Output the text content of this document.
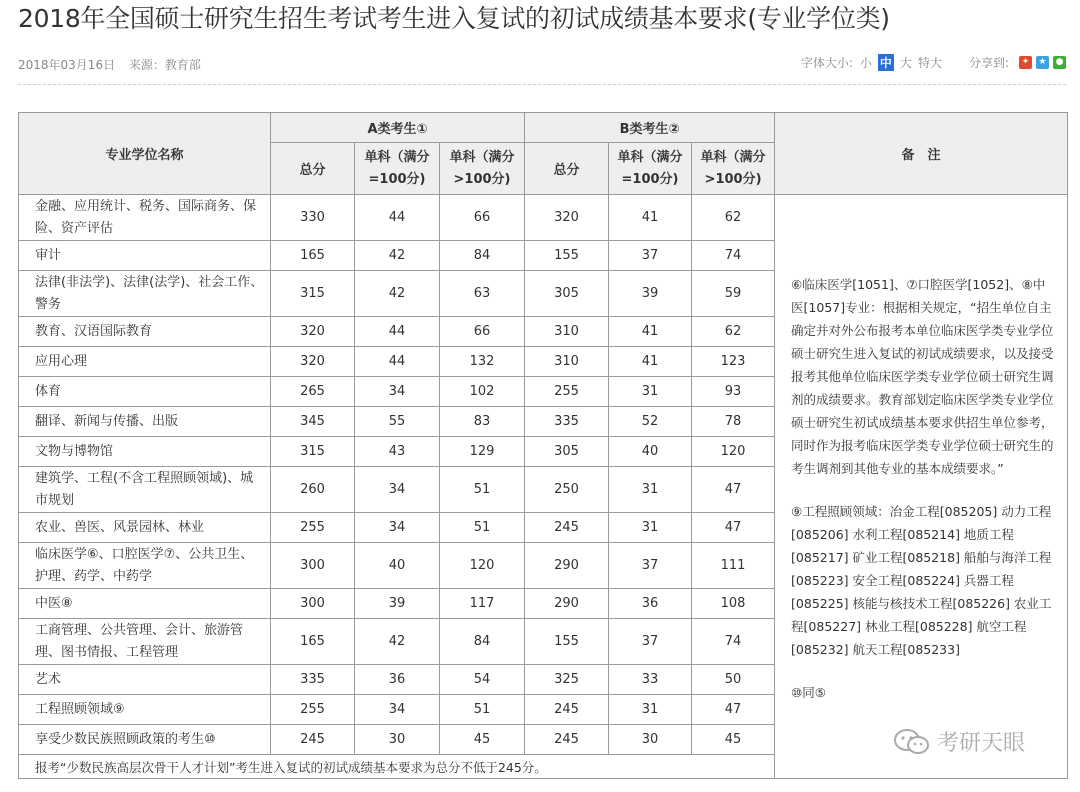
2018年全国硕士研究生招生考试考生进入复试的初试成绩基本要求(专业学位类)
2018年03月16日 来源：教育部	字体大小: 小 中 大 特大 分享到:	✦	★ ●
专业学位名称	A类考生①			B类考生②			备　注
	总分	单科（满分=100分)	单科（满分>100分)	总分	单科（满分=100分)	单科（满分>100分)	
金融、应用统计、税务、国际商务、保险、资产评估	330	44	66	320	41	62	⑥临床医学[1051]、⑦口腔医学[1052]、⑧中医[1057]专业：根据相关规定，“招生单位自主确定并对外公布报考本单位临床医学类专业学位硕士研究生进入复试的初试成绩要求，以及接受报考其他单位临床医学类专业学位硕士研究生调剂的成绩要求。教育部划定临床医学类专业学位硕士研究生初试成绩基本要求供招生单位参考，同时作为报考临床医学类专业学位硕士研究生的考生调剂到其他专业的基本成绩要求。”

⑨工程照顾领域：冶金工程[085205] 动力工程[085206] 水利工程[085214] 地质工程[085217] 矿业工程[085218] 船舶与海洋工程[085223] 安全工程[085224] 兵器工程[085225] 核能与核技术工程[085226] 农业工程[085227] 林业工程[085228] 航空工程[085232] 航天工程[085233]

⑩同⑤

审计	165	42	84	155	37	74	
法律(非法学)、法律(法学)、社会工作、警务	315	42	63	305	39	59	
教育、汉语国际教育	320	44	66	310	41	62	
应用心理	320	44	132	310	41	123	
体育	265	34	102	255	31	93	
翻译、新闻与传播、出版	345	55	83	335	52	78	
文物与博物馆	315	43	129	305	40	120	
建筑学、工程(不含工程照顾领域)、城市规划	260	34	51	250	31	47	
农业、兽医、风景园林、林业	255	34	51	245	31	47	
临床医学⑥、口腔医学⑦、公共卫生、护理、药学、中药学	300	40	120	290	37	111	
中医⑧	300	39	117	290	36	108	
工商管理、公共管理、会计、旅游管理、图书情报、工程管理	165	42	84	155	37	74	
艺术	335	36	54	325	33	50	
工程照顾领域⑨	255	34	51	245	31	47	
享受少数民族照顾政策的考生⑩	245	30	45	245	30	45	
报考“少数民族高层次骨干人才计划”考生进入复试的初试成绩基本要求为总分不低于245分。							
考研天眼
